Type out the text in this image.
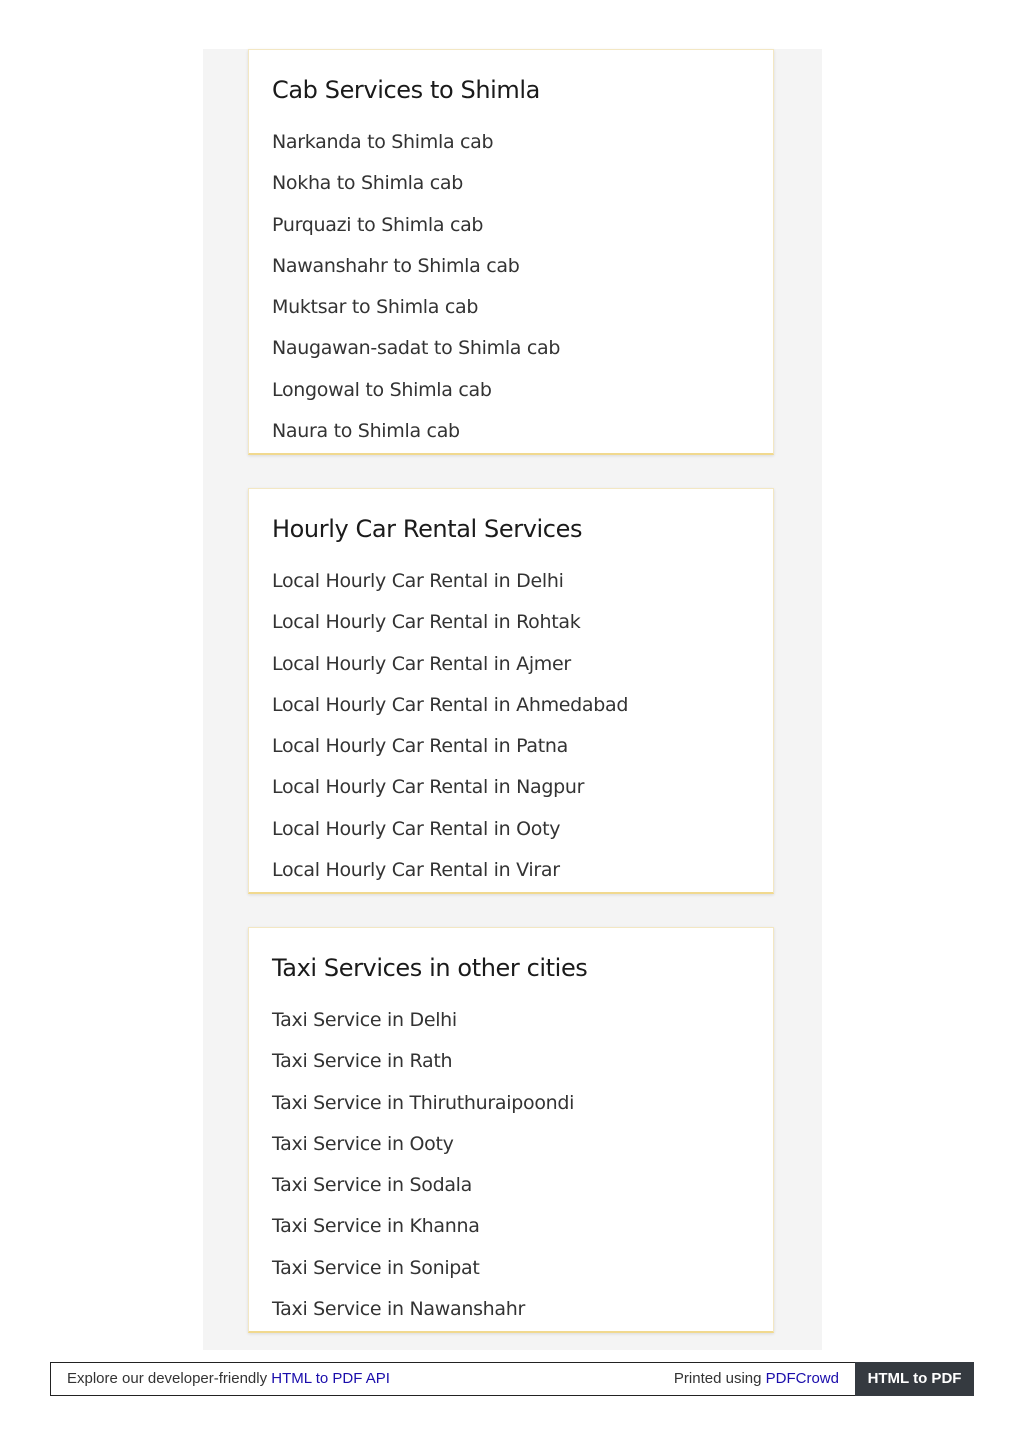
Cab Services to Shimla
Narkanda to Shimla cab
Nokha to Shimla cab
Purquazi to Shimla cab
Nawanshahr to Shimla cab
Muktsar to Shimla cab
Naugawan-sadat to Shimla cab
Longowal to Shimla cab
Naura to Shimla cab
Hourly Car Rental Services
Local Hourly Car Rental in Delhi
Local Hourly Car Rental in Rohtak
Local Hourly Car Rental in Ajmer
Local Hourly Car Rental in Ahmedabad
Local Hourly Car Rental in Patna
Local Hourly Car Rental in Nagpur
Local Hourly Car Rental in Ooty
Local Hourly Car Rental in Virar
Taxi Services in other cities
Taxi Service in Delhi
Taxi Service in Rath
Taxi Service in Thiruthuraipoondi
Taxi Service in Ooty
Taxi Service in Sodala
Taxi Service in Khanna
Taxi Service in Sonipat
Taxi Service in Nawanshahr
Explore our developer-friendly HTML to PDF API	Printed using PDFCrowd	HTML to PDF
